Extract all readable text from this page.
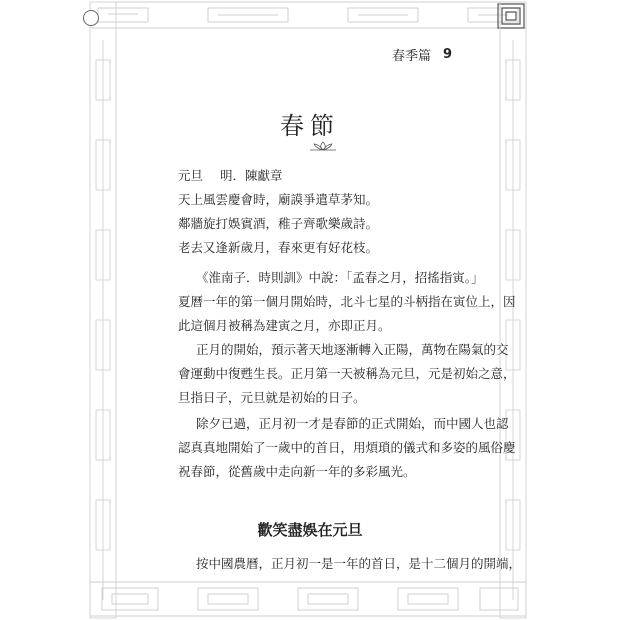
春季篇 9
春節
元旦 明．陳獻章
天上風雲慶會時，廟謨爭遣草茅知。
鄰牆旋打娛賓酒，稚子齊歌樂歲詩。
老去又逢新歲月，春來更有好花枝。
《淮南子．時則訓》中說：「孟春之月，招搖指寅。」
夏曆一年的第一個月開始時，北斗七星的斗柄指在寅位上，因
此這個月被稱為建寅之月，亦即正月。
正月的開始，預示著天地逐漸轉入正陽，萬物在陽氣的交
會運動中復甦生長。正月第一天被稱為元旦，元是初始之意，
旦指日子，元旦就是初始的日子。
除夕已過，正月初一才是春節的正式開始，而中國人也認
認真真地開始了一歲中的首日，用煩瑣的儀式和多姿的風俗慶
祝春節，從舊歲中走向新一年的多彩風光。
歡笑盡娛在元旦
按中國農曆，正月初一是一年的首日，是十二個月的開端，
